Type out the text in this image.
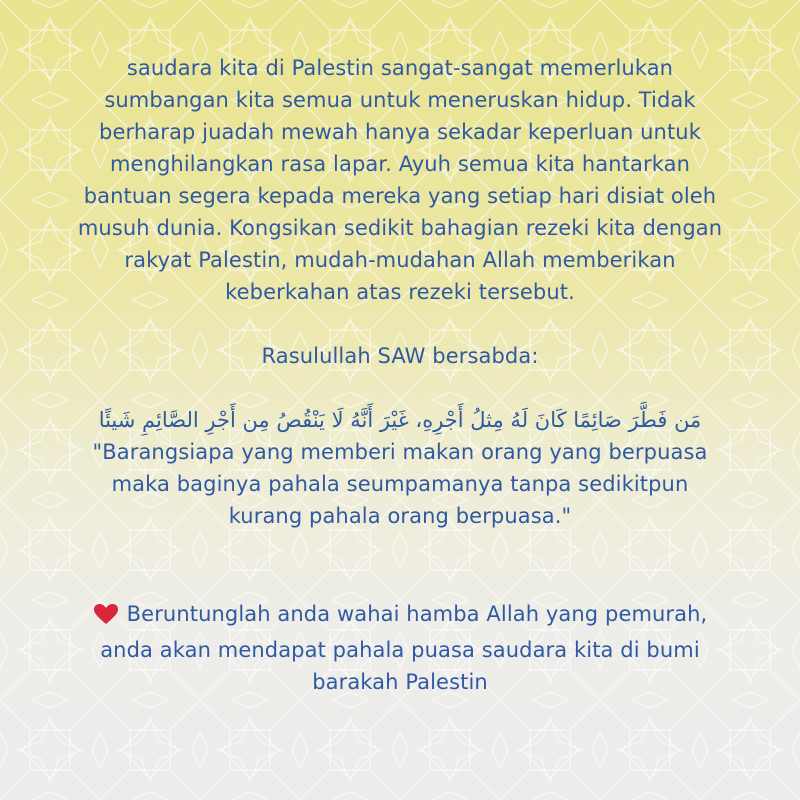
saudara kita di Palestin sangat-sangat memerlukan
sumbangan kita semua untuk meneruskan hidup. Tidak
berharap juadah mewah hanya sekadar keperluan untuk
menghilangkan rasa lapar. Ayuh semua kita hantarkan
bantuan segera kepada mereka yang setiap hari disiat oleh
musuh dunia. Kongsikan sedikit bahagian rezeki kita dengan
rakyat Palestin, mudah-mudahan Allah memberikan
keberkahan atas rezeki tersebut.

Rasulullah SAW bersabda:

مَن فَطَّرَ صَائِمًا كَانَ لَهُ مِثلُ أَجْرِهِ، غَيْرَ أَنَّهُ لَا يَنْقُصُ مِن أَجْرِ الصَّائِمِ شَيئًا
"Barangsiapa yang memberi makan orang yang berpuasa
maka baginya pahala seumpamanya tanpa sedikitpun
kurang pahala orang berpuasa."
Beruntunglah anda wahai hamba Allah yang pemurah,
anda akan mendapat pahala puasa saudara kita di bumi
barakah Palestin
